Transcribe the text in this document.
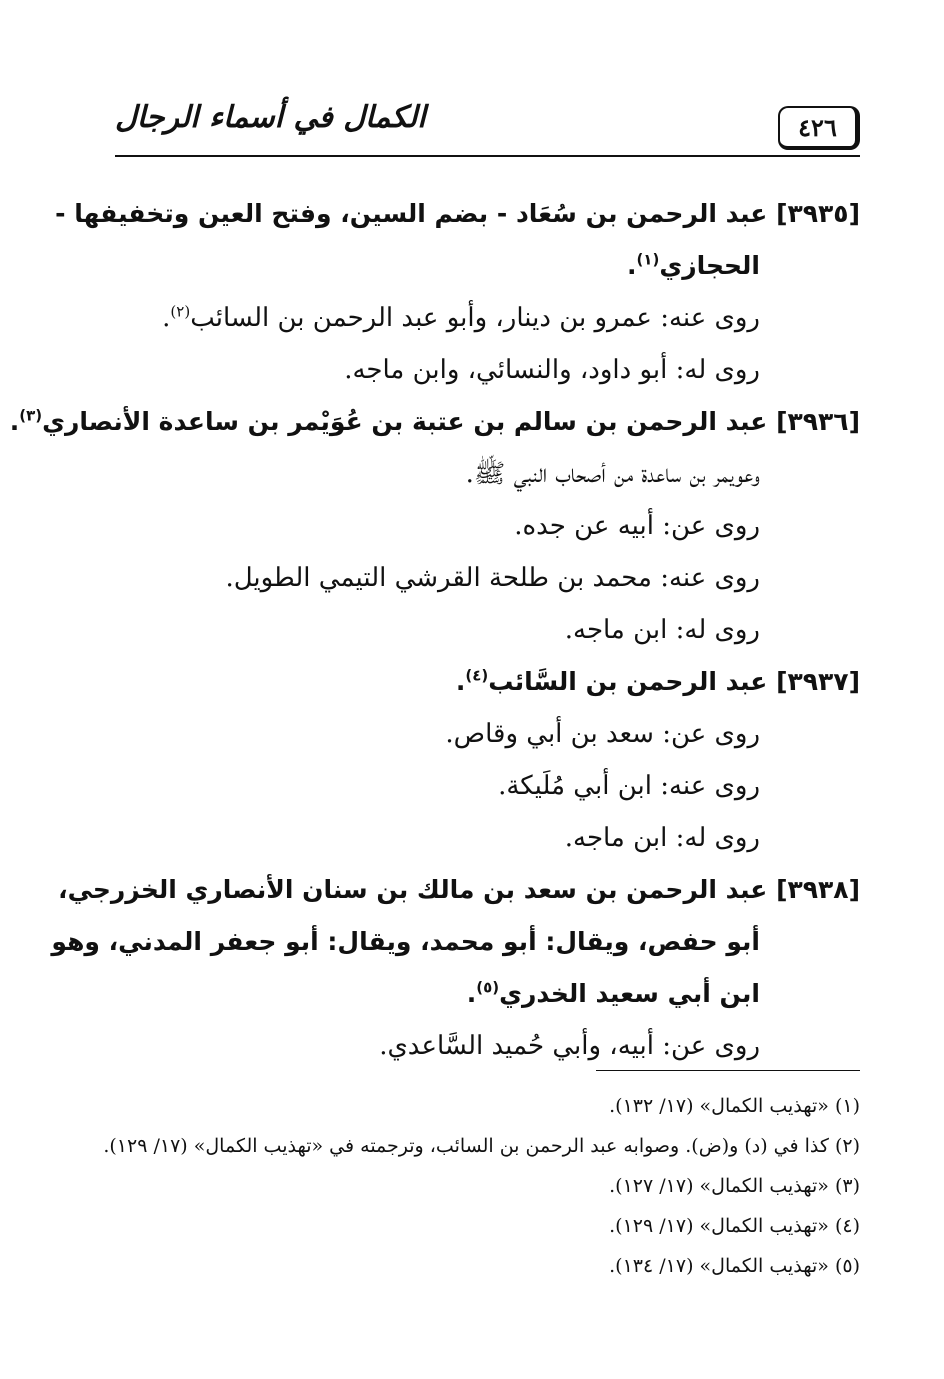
الكمال في أسماء الرجال	٤٢٦
[٣٩٣٥] عبد الرحمن بن سُعَاد - بضم السين، وفتح العين وتخفيفها -
الحجازي$^{(١)}$.
روى عنه: عمرو بن دينار، وأبو عبد الرحمن بن السائب$^{(٢)}$.
روى له: أبو داود، والنسائي، وابن ماجه.
[٣٩٣٦] عبد الرحمن بن سالم بن عتبة بن عُوَيْمر بن ساعدة الأنصاري$^{(٣)}$.
وعويمر بن ساعدة من أصحاب النبي ﷺ.
روى عن: أبيه عن جده.
روى عنه: محمد بن طلحة القرشي التيمي الطويل.
روى له: ابن ماجه.
[٣٩٣٧] عبد الرحمن بن السَّائب$^{(٤)}$.
روى عن: سعد بن أبي وقاص.
روى عنه: ابن أبي مُلَيكة.
روى له: ابن ماجه.
[٣٩٣٨] عبد الرحمن بن سعد بن مالك بن سنان الأنصاري الخزرجي،
أبو حفص، ويقال: أبو محمد، ويقال: أبو جعفر المدني، وهو
ابن أبي سعيد الخدري$^{(٥)}$.
روى عن: أبيه، وأبي حُميد السَّاعدي.
(١) «تهذيب الكمال» (١٧/ ١٣٢).
(٢) كذا في (د) و(ض). وصوابه عبد الرحمن بن السائب، وترجمته في «تهذيب الكمال» (١٧/ ١٢٩).
(٣) «تهذيب الكمال» (١٧/ ١٢٧).
(٤) «تهذيب الكمال» (١٧/ ١٢٩).
(٥) «تهذيب الكمال» (١٧/ ١٣٤).
